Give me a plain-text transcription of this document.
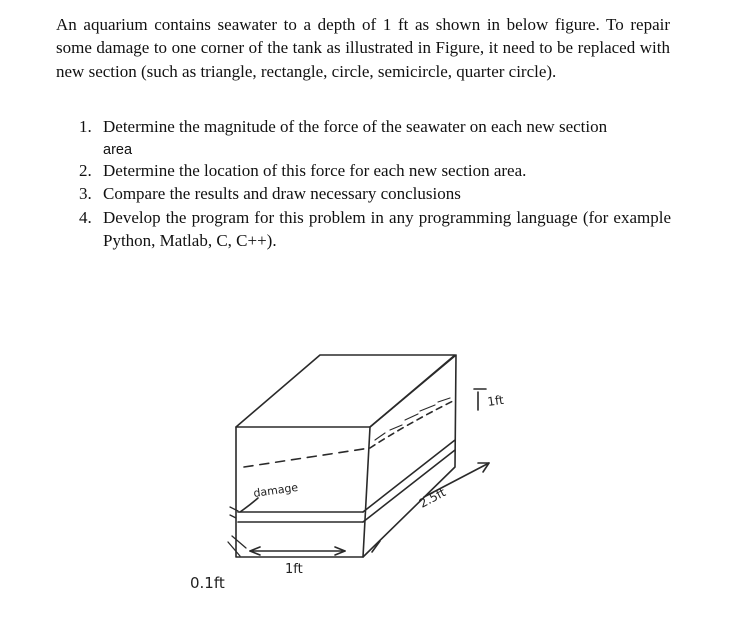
An aquarium contains seawater to a depth of 1 ft as shown in below figure. To repair some damage to one corner of the tank as illustrated in Figure, it need to be replaced with new section (such as triangle, rectangle, circle, semicircle, quarter circle).

1. Determine the magnitude of the force of the seawater on each new section
area
2. Determine the location of this force for each new section area.
3. Compare the results and draw necessary conclusions
4. Develop the program for this problem in any programming language (for example Python, Matlab, C, C++).
damage
1ft
0.1ft
2.5ft
1ft
